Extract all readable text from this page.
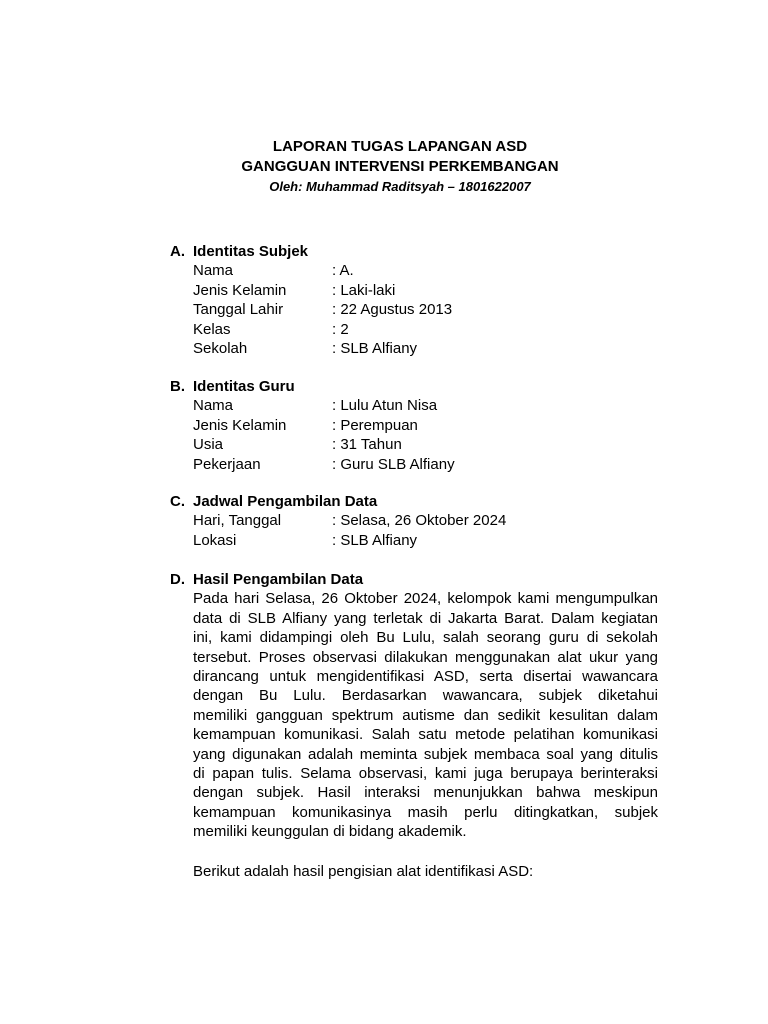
LAPORAN TUGAS LAPANGAN ASD
GANGGUAN INTERVENSI PERKEMBANGAN
Oleh: Muhammad Raditsyah – 1801622007
A. Identitas Subjek
Nama	: A.
Jenis Kelamin	: Laki-laki
Tanggal Lahir	: 22 Agustus 2013
Kelas	: 2
Sekolah	: SLB Alfiany
B. Identitas Guru
Nama	: Lulu Atun Nisa
Jenis Kelamin	: Perempuan
Usia	: 31 Tahun
Pekerjaan	: Guru SLB Alfiany
C. Jadwal Pengambilan Data
Hari, Tanggal	: Selasa, 26 Oktober 2024
Lokasi	: SLB Alfiany
D. Hasil Pengambilan Data
Pada hari Selasa, 26 Oktober 2024, kelompok kami mengumpulkan
data di SLB Alfiany yang terletak di Jakarta Barat. Dalam kegiatan
ini, kami didampingi oleh Bu Lulu, salah seorang guru di sekolah
tersebut. Proses observasi dilakukan menggunakan alat ukur yang
dirancang untuk mengidentifikasi ASD, serta disertai wawancara
dengan Bu Lulu. Berdasarkan wawancara, subjek diketahui
memiliki gangguan spektrum autisme dan sedikit kesulitan dalam
kemampuan komunikasi. Salah satu metode pelatihan komunikasi
yang digunakan adalah meminta subjek membaca soal yang ditulis
di papan tulis. Selama observasi, kami juga berupaya berinteraksi
dengan subjek. Hasil interaksi menunjukkan bahwa meskipun
kemampuan komunikasinya masih perlu ditingkatkan, subjek
memiliki keunggulan di bidang akademik.
Berikut adalah hasil pengisian alat identifikasi ASD:
